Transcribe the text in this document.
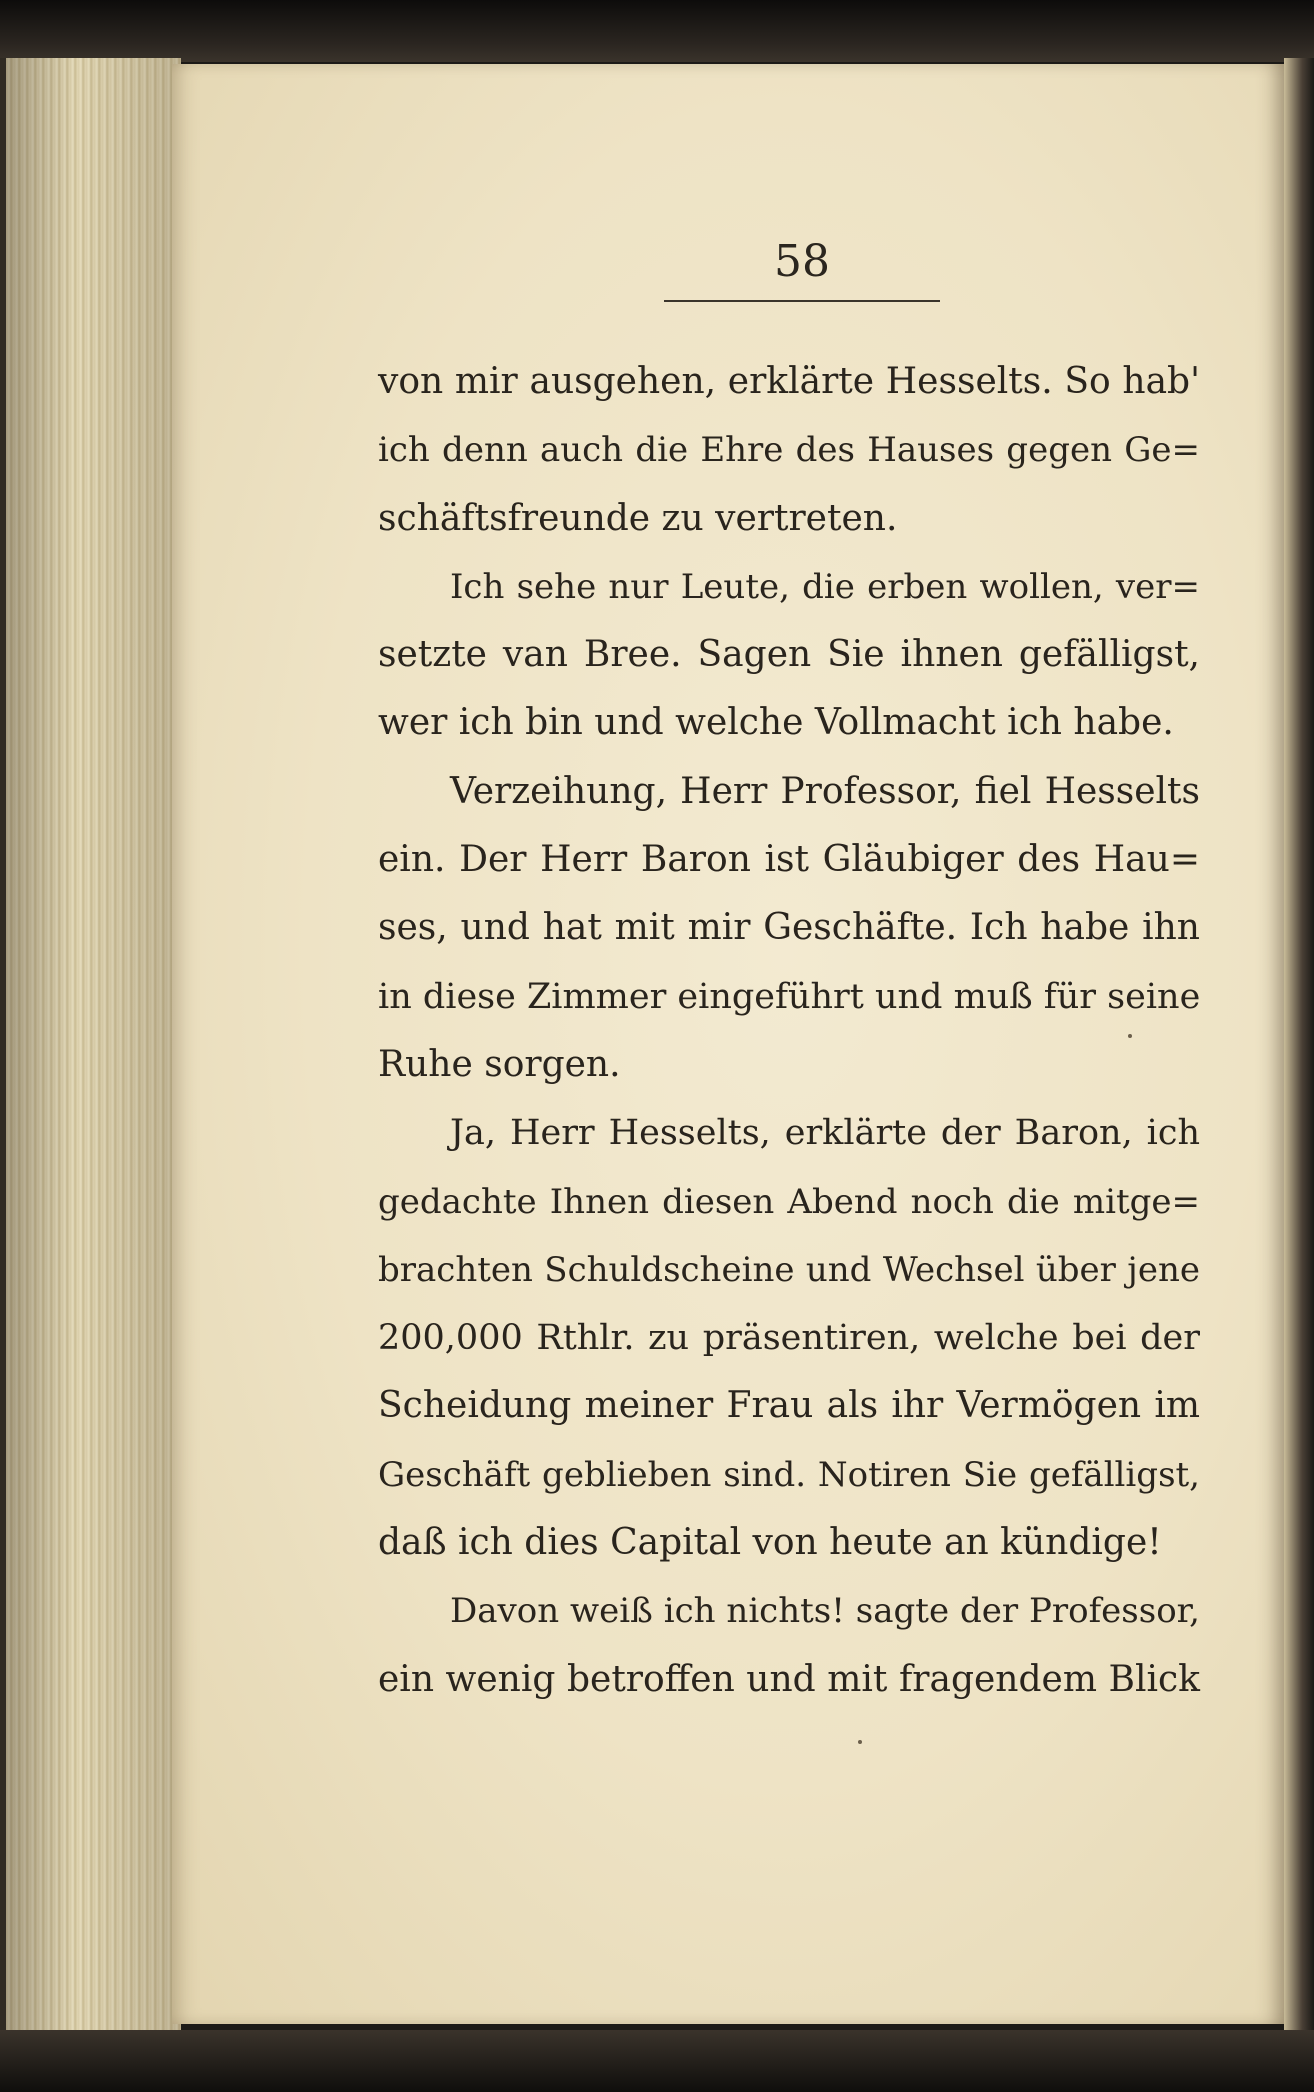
58
von mir ausgehen, erklärte Hesselts. So hab'
ich denn auch die Ehre des Hauses gegen Ge=
schäftsfreunde zu vertreten.
Ich sehe nur Leute, die erben wollen, ver=
setzte van Bree. Sagen Sie ihnen gefälligst,
wer ich bin und welche Vollmacht ich habe.
Verzeihung, Herr Professor, fiel Hesselts
ein. Der Herr Baron ist Gläubiger des Hau=
ses, und hat mit mir Geschäfte. Ich habe ihn
in diese Zimmer eingeführt und muß für seine
Ruhe sorgen.
Ja, Herr Hesselts, erklärte der Baron, ich
gedachte Ihnen diesen Abend noch die mitge=
brachten Schuldscheine und Wechsel über jene
200,000 Rthlr. zu präsentiren, welche bei der
Scheidung meiner Frau als ihr Vermögen im
Geschäft geblieben sind. Notiren Sie gefälligst,
daß ich dies Capital von heute an kündige!
Davon weiß ich nichts! sagte der Professor,
ein wenig betroffen und mit fragendem Blick
